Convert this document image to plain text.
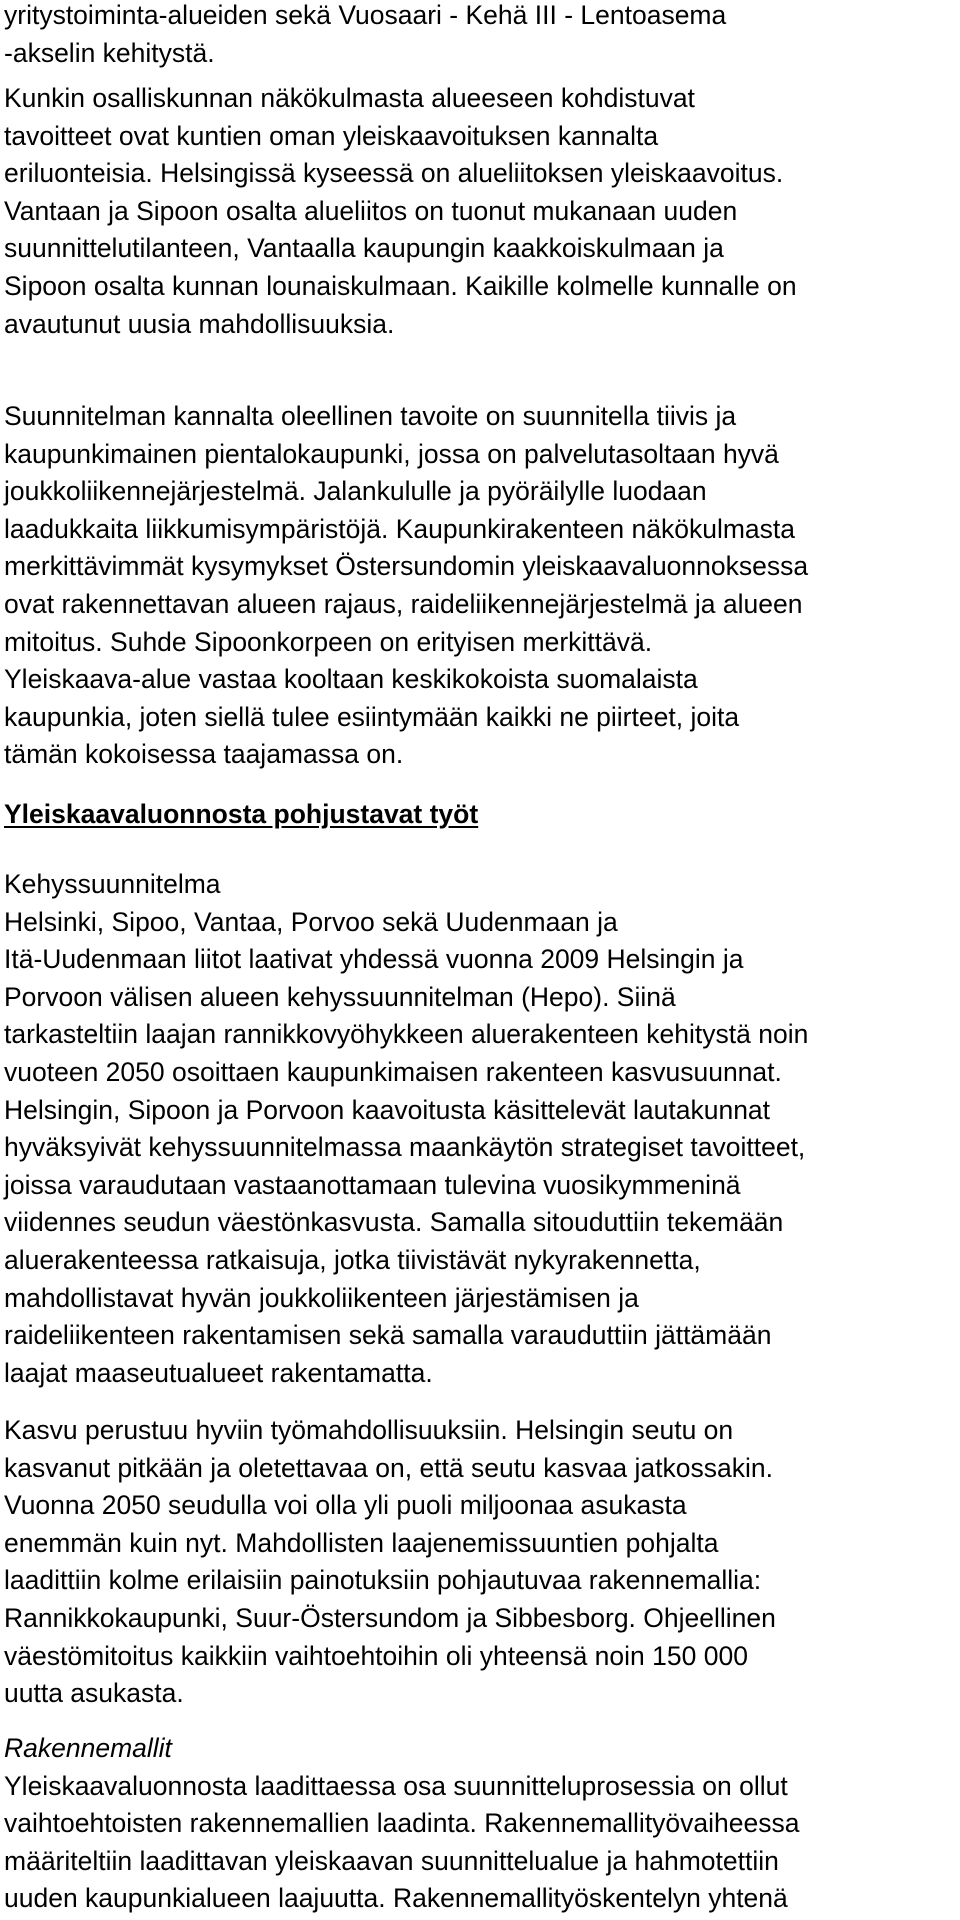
yritystoiminta-alueiden sekä Vuosaari - Kehä III - Lentoasema
-akselin kehitystä.
Kunkin osalliskunnan näkökulmasta alueeseen kohdistuvat
tavoitteet ovat kuntien oman yleiskaavoituksen kannalta
eriluonteisia. Helsingissä kyseessä on alueliitoksen yleiskaavoitus.
Vantaan ja Sipoon osalta alueliitos on tuonut mukanaan uuden
suunnittelutilanteen, Vantaalla kaupungin kaakkoiskulmaan ja
Sipoon osalta kunnan lounaiskulmaan. Kaikille kolmelle kunnalle on
avautunut uusia mahdollisuuksia.
Suunnitelman kannalta oleellinen tavoite on suunnitella tiivis ja
kaupunkimainen pientalokaupunki, jossa on palvelutasoltaan hyvä
joukkoliikennejärjestelmä. Jalankululle ja pyöräilylle luodaan
laadukkaita liikkumisympäristöjä. Kaupunkirakenteen näkökulmasta
merkittävimmät kysymykset Östersundomin yleiskaavaluonnoksessa
ovat rakennettavan alueen rajaus, raideliikennejärjestelmä ja alueen
mitoitus. Suhde Sipoonkorpeen on erityisen merkittävä.
Yleiskaava-alue vastaa kooltaan keskikokoista suomalaista
kaupunkia, joten siellä tulee esiintymään kaikki ne piirteet, joita
tämän kokoisessa taajamassa on.
Yleiskaavaluonnosta pohjustavat työt
Kehyssuunnitelma
Helsinki, Sipoo, Vantaa, Porvoo sekä Uudenmaan ja
Itä-Uudenmaan liitot laativat yhdessä vuonna 2009 Helsingin ja
Porvoon välisen alueen kehyssuunnitelman (Hepo). Siinä
tarkasteltiin laajan rannikkovyöhykkeen aluerakenteen kehitystä noin
vuoteen 2050 osoittaen kaupunkimaisen rakenteen kasvusuunnat.
Helsingin, Sipoon ja Porvoon kaavoitusta käsittelevät lautakunnat
hyväksyivät kehyssuunnitelmassa maankäytön strategiset tavoitteet,
joissa varaudutaan vastaanottamaan tulevina vuosikymmeninä
viidennes seudun väestönkasvusta. Samalla sitouduttiin tekemään
aluerakenteessa ratkaisuja, jotka tiivistävät nykyrakennetta,
mahdollistavat hyvän joukkoliikenteen järjestämisen ja
raideliikenteen rakentamisen sekä samalla varauduttiin jättämään
laajat maaseutualueet rakentamatta.
Kasvu perustuu hyviin työmahdollisuuksiin. Helsingin seutu on
kasvanut pitkään ja oletettavaa on, että seutu kasvaa jatkossakin.
Vuonna 2050 seudulla voi olla yli puoli miljoonaa asukasta
enemmän kuin nyt. Mahdollisten laajenemissuuntien pohjalta
laadittiin kolme erilaisiin painotuksiin pohjautuvaa rakennemallia:
Rannikkokaupunki, Suur-Östersundom ja Sibbesborg. Ohjeellinen
väestömitoitus kaikkiin vaihtoehtoihin oli yhteensä noin 150 000
uutta asukasta.
Rakennemallit
Yleiskaavaluonnosta laadittaessa osa suunnitteluprosessia on ollut
vaihtoehtoisten rakennemallien laadinta. Rakennemallityövaiheessa
määriteltiin laadittavan yleiskaavan suunnittelualue ja hahmotettiin
uuden kaupunkialueen laajuutta. Rakennemallityöskentelyn yhtenä
